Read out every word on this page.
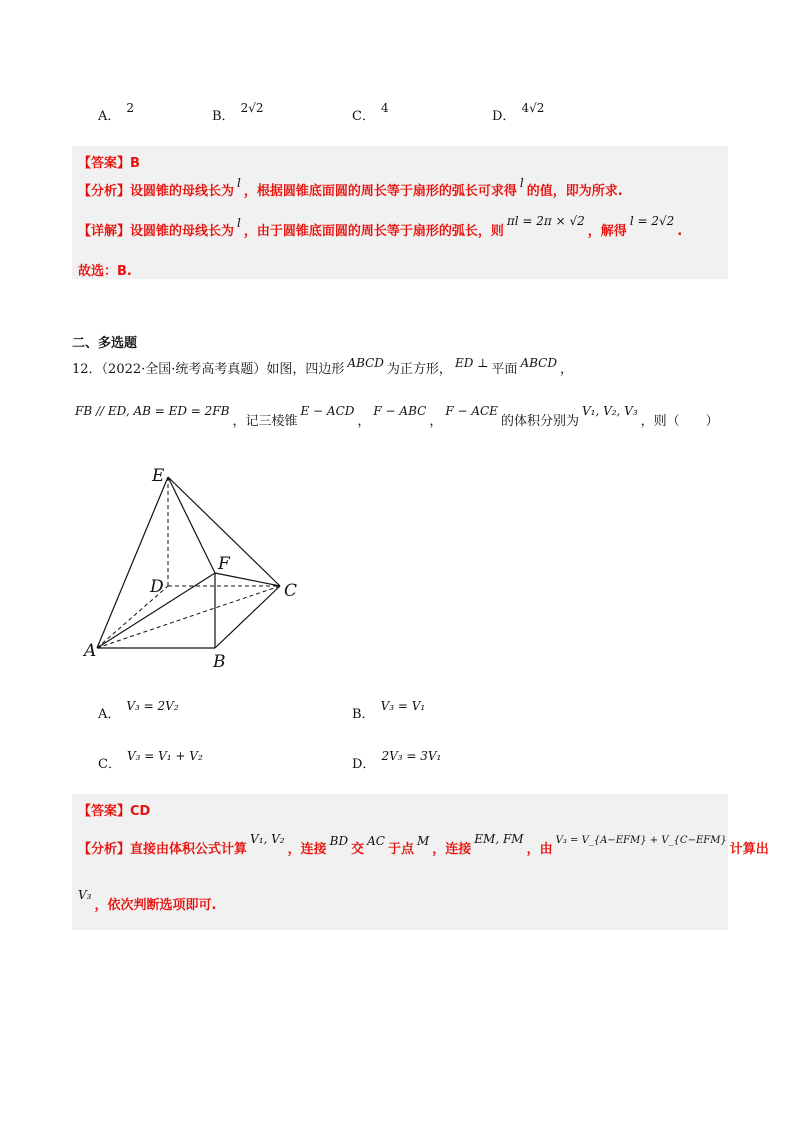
A．2
B．2√2
C．4
D．4√2
【答案】B
【分析】设圆锥的母线长为l，根据圆锥底面圆的周长等于扇形的弧长可求得l的值，即为所求.
【详解】设圆锥的母线长为l，由于圆锥底面圆的周长等于扇形的弧长，则πl = 2π × √2，解得l = 2√2.
故选：B.
二、多选题
12．（2022·全国·统考高考真题）如图，四边形 ABCD 为正方形， ED ⊥ 平面 ABCD ，
FB // ED, AB = ED = 2FB，记三棱锥E − ACD，F − ABC，F − ACE的体积分别为V₁, V₂, V₃，则（　　）
E
F
D	C
A
B
A．V₃ = 2V₂
B．V₃ = V₁
C．V₃ = V₁ + V₂
D．2V₃ = 3V₁
【答案】CD
【分析】直接由体积公式计算V₁, V₂，连接BD交AC于点M，连接EM, FM，由$^{V_3 = V\_\{A-EFM\} + V\_\{C-EFM\}}$计算出
V₃，依次判断选项即可.
